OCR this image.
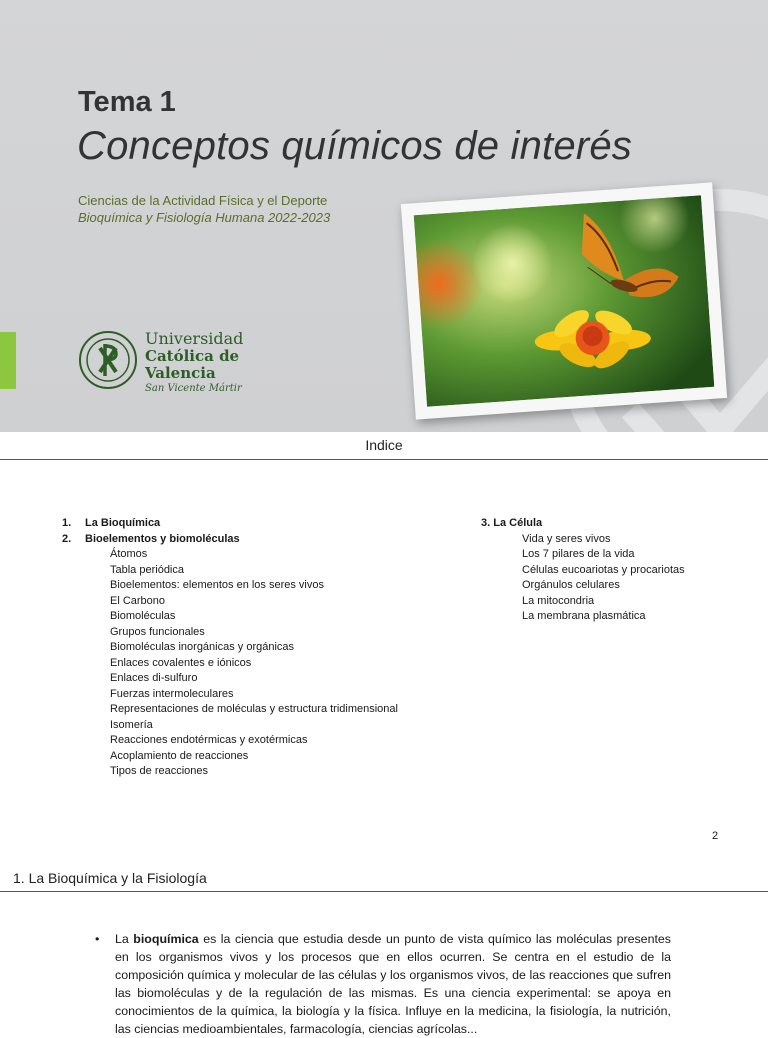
Tema 1
Conceptos químicos de interés
Ciencias de la Actividad Física y el Deporte
Bioquímica y Fisiología Humana 2022-2023
Universidad
Católica de
Valencia
San Vicente Mártir
Indice
1.	La Bioquímica
2.	Bioelementos y biomoléculas
Átomos
Tabla periódica
Bioelementos: elementos en los seres vivos
El Carbono
Biomoléculas
Grupos funcionales
Biomoléculas inorgánicas y orgánicas
Enlaces covalentes e iónicos
Enlaces di-sulfuro
Fuerzas intermoleculares
Representaciones de moléculas y estructura tridimensional
Isomería
Reacciones endotérmicas y exotérmicas
Acoplamiento de reacciones
Tipos de reacciones
3. La Célula
Vida y seres vivos
Los 7 pilares de la vida
Células eucoariotas y procariotas
Orgánulos celulares
La mitocondria
La membrana plasmática
2
1. La Bioquímica y la Fisiología
• La bioquímica es la ciencia que estudia desde un punto de vista químico las moléculas presentes en los organismos vivos y los procesos que en ellos ocurren. Se centra en el estudio de la composición química y molecular de las células y los organismos vivos, de las reacciones que sufren las biomoléculas y de la regulación de las mismas. Es una ciencia experimental: se apoya en conocimientos de la química, la biología y la física. Influye en la medicina, la fisiología, la nutrición, las ciencias medioambientales, farmacología, ciencias agrícolas...
